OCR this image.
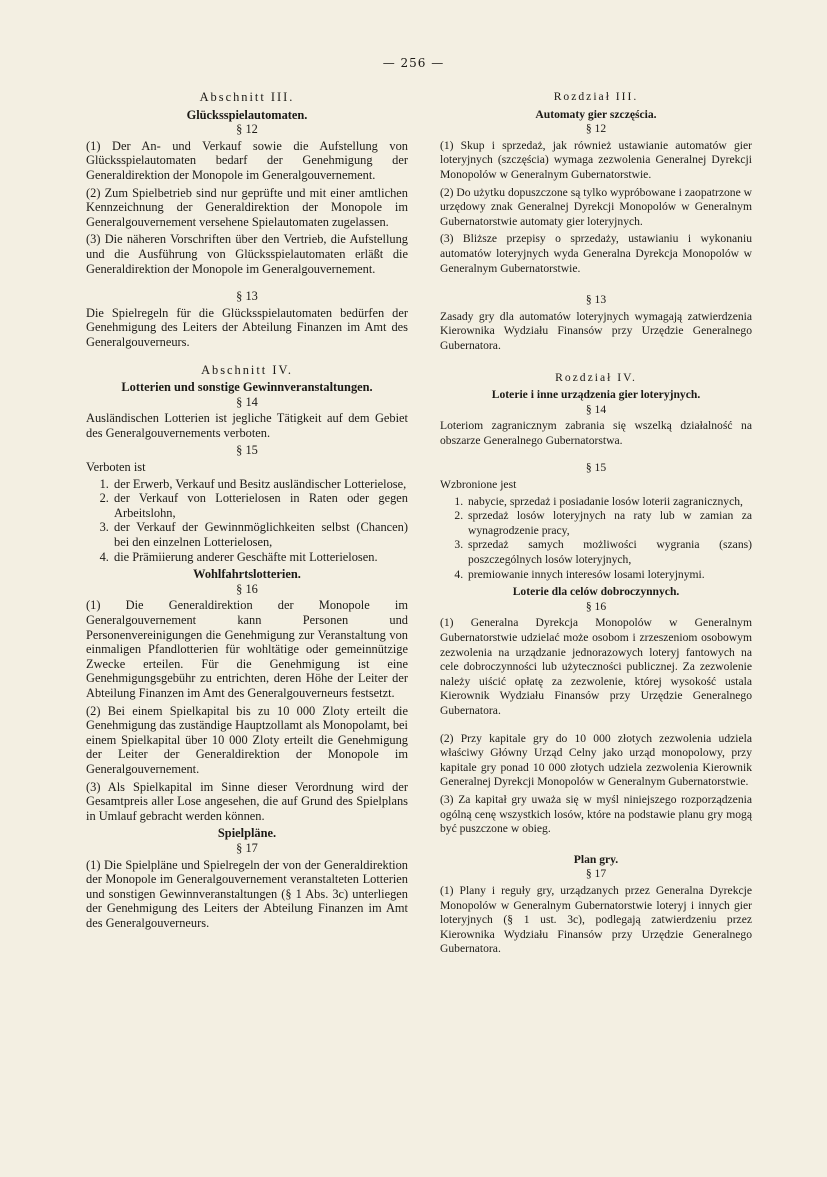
— 256 —

Abschnitt III.

Glücksspielautomaten.

§ 12

(1) Der An- und Verkauf sowie die Aufstellung von Glücksspielautomaten bedarf der Genehmigung der Generaldirektion der Monopole im Generalgouvernement.

(2) Zum Spielbetrieb sind nur geprüfte und mit einer amtlichen Kennzeichnung der Generaldirektion der Monopole im Generalgouvernement versehene Spielautomaten zugelassen.

(3) Die näheren Vorschriften über den Vertrieb, die Aufstellung und die Ausführung von Glücksspielautomaten erläßt die Generaldirektion der Monopole im Generalgouvernement.

§ 13

Die Spielregeln für die Glücksspielautomaten bedürfen der Genehmigung des Leiters der Abteilung Finanzen im Amt des Generalgouverneurs.

Abschnitt IV.

Lotterien und sonstige Gewinnveranstaltungen.

§ 14

Ausländischen Lotterien ist jegliche Tätigkeit auf dem Gebiet des Generalgouvernements verboten.

§ 15

Verboten ist

1. der Erwerb, Verkauf und Besitz ausländischer Lotterielose,
2. der Verkauf von Lotterielosen in Raten oder gegen Arbeitslohn,
3. der Verkauf der Gewinnmöglichkeiten selbst (Chancen) bei den einzelnen Lotterielosen,
4. die Prämiierung anderer Geschäfte mit Lotterielosen.

Wohlfahrtslotterien.

§ 16

(1) Die Generaldirektion der Monopole im Generalgouvernement kann Personen und Personenvereinigungen die Genehmigung zur Veranstaltung von einmaligen Pfandlotterien für wohltätige oder gemeinnützige Zwecke erteilen. Für die Genehmigung ist eine Genehmigungsgebühr zu entrichten, deren Höhe der Leiter der Abteilung Finanzen im Amt des Generalgouverneurs festsetzt.

(2) Bei einem Spielkapital bis zu 10 000 Zloty erteilt die Genehmigung das zuständige Hauptzollamt als Monopolamt, bei einem Spielkapital über 10 000 Zloty erteilt die Genehmigung der Leiter der Generaldirektion der Monopole im Generalgouvernement.

(3) Als Spielkapital im Sinne dieser Verordnung wird der Gesamtpreis aller Lose angesehen, die auf Grund des Spielplans in Umlauf gebracht werden können.

Spielpläne.

§ 17

(1) Die Spielpläne und Spielregeln der von der Generaldirektion der Monopole im Generalgouvernement veranstalteten Lotterien und sonstigen Gewinnveranstaltungen (§ 1 Abs. 3c) unterliegen der Genehmigung des Leiters der Abteilung Finanzen im Amt des Generalgouverneurs.

Rozdział III.

Automaty gier szczęścia.

§ 12

(1) Skup i sprzedaż, jak również ustawianie automatów gier loteryjnych (szczęścia) wymaga zezwolenia Generalnej Dyrekcji Monopolów w Generalnym Gubernatorstwie.

(2) Do użytku dopuszczone są tylko wypróbowane i zaopatrzone w urzędowy znak Generalnej Dyrekcji Monopolów w Generalnym Gubernatorstwie automaty gier loteryjnych.

(3) Bliższe przepisy o sprzedaży, ustawianiu i wykonaniu automatów loteryjnych wyda Generalna Dyrekcja Monopolów w Generalnym Gubernatorstwie.

§ 13

Zasady gry dla automatów loteryjnych wymagają zatwierdzenia Kierownika Wydziału Finansów przy Urzędzie Generalnego Gubernatora.

Rozdział IV.

Loterie i inne urządzenia gier loteryjnych.

§ 14

Loteriom zagranicznym zabrania się wszelką działalność na obszarze Generalnego Gubernatorstwa.

§ 15

Wzbronione jest

1. nabycie, sprzedaż i posiadanie losów loterii zagranicznych,
2. sprzedaż losów loteryjnych na raty lub w zamian za wynagrodzenie pracy,
3. sprzedaż samych możliwości wygrania (szans) poszczególnych losów loteryjnych,
4. premiowanie innych interesów losami loteryjnymi.

Loterie dla celów dobroczynnych.

§ 16

(1) Generalna Dyrekcja Monopolów w Generalnym Gubernatorstwie udzielać może osobom i zrzeszeniom osobowym zezwolenia na urządzanie jednorazowych loteryj fantowych na cele dobroczynności lub użyteczności publicznej. Za zezwolenie należy uiścić opłatę za zezwolenie, której wysokość ustala Kierownik Wydziału Finansów przy Urzędzie Generalnego Gubernatora.

(2) Przy kapitale gry do 10 000 złotych zezwolenia udziela właściwy Główny Urząd Celny jako urząd monopolowy, przy kapitale gry ponad 10 000 złotych udziela zezwolenia Kierownik Generalnej Dyrekcji Monopolów w Generalnym Gubernatorstwie.

(3) Za kapitał gry uważa się w myśl niniejszego rozporządzenia ogólną cenę wszystkich losów, które na podstawie planu gry mogą być puszczone w obieg.

Plan gry.

§ 17

(1) Plany i reguły gry, urządzanych przez Generalna Dyrekcje Monopolów w Generalnym Gubernatorstwie loteryj i innych gier loteryjnych (§ 1 ust. 3c), podlegają zatwierdzeniu przez Kierownika Wydziału Finansów przy Urzędzie Generalnego Gubernatora.
